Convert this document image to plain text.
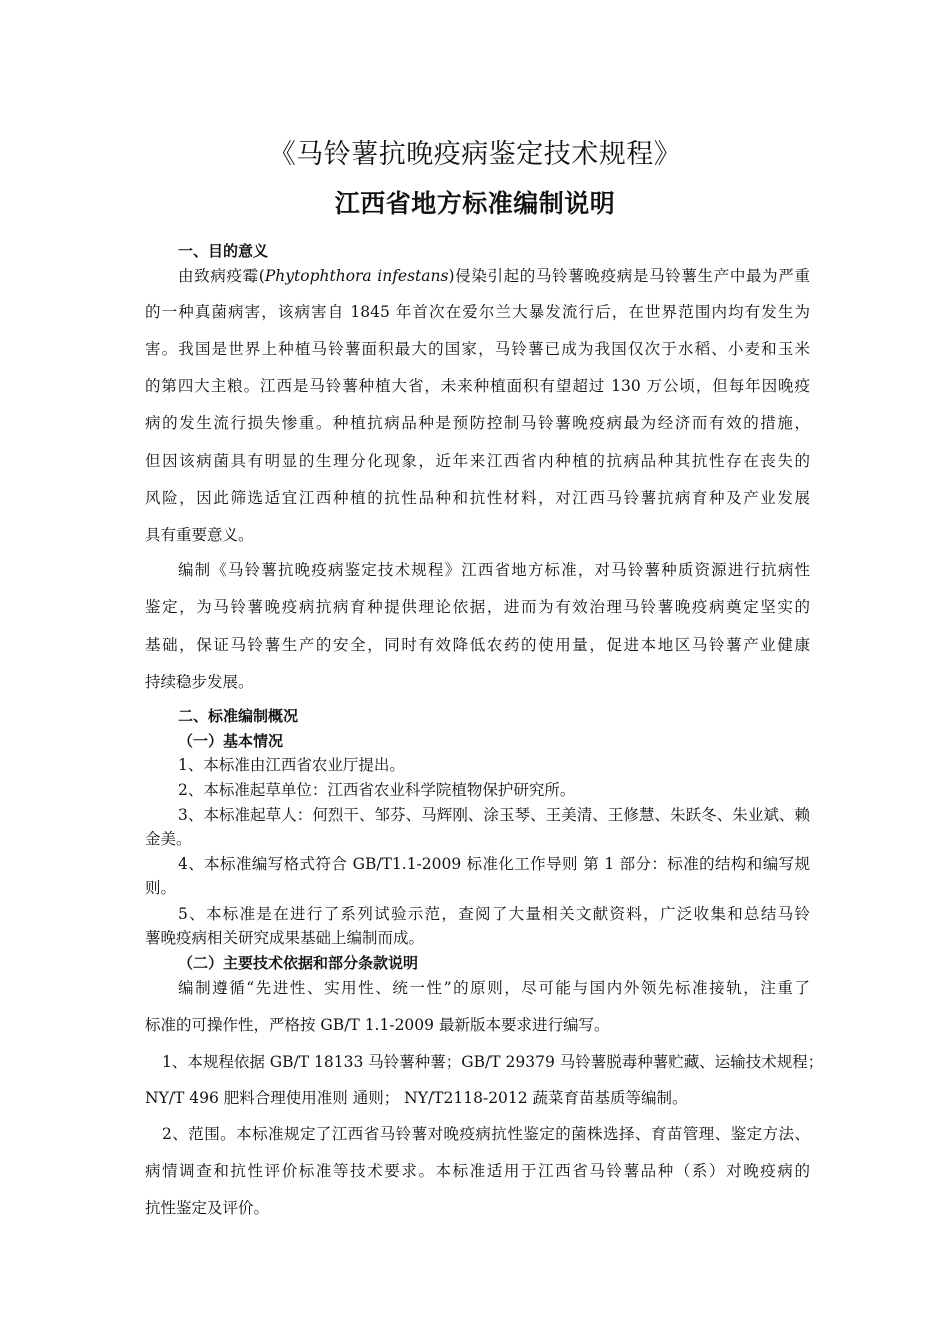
《马铃薯抗晚疫病鉴定技术规程》
江西省地方标准编制说明
一、目的意义
由致病疫霉(Phytophthora infestans)侵染引起的马铃薯晚疫病是马铃薯生产中最为严重
的一种真菌病害，该病害自 1845 年首次在爱尔兰大暴发流行后，在世界范围内均有发生为
害。我国是世界上种植马铃薯面积最大的国家，马铃薯已成为我国仅次于水稻、小麦和玉米
的第四大主粮。江西是马铃薯种植大省，未来种植面积有望超过 130 万公顷，但每年因晚疫
病的发生流行损失惨重。种植抗病品种是预防控制马铃薯晚疫病最为经济而有效的措施，
但因该病菌具有明显的生理分化现象，近年来江西省内种植的抗病品种其抗性存在丧失的
风险，因此筛选适宜江西种植的抗性品种和抗性材料，对江西马铃薯抗病育种及产业发展
具有重要意义。
编制《马铃薯抗晚疫病鉴定技术规程》江西省地方标准，对马铃薯种质资源进行抗病性
鉴定，为马铃薯晚疫病抗病育种提供理论依据，进而为有效治理马铃薯晚疫病奠定坚实的
基础，保证马铃薯生产的安全，同时有效降低农药的使用量，促进本地区马铃薯产业健康
持续稳步发展。
二、标准编制概况
（一）基本情况
1、本标准由江西省农业厅提出。
2、本标准起草单位：江西省农业科学院植物保护研究所。
3、本标准起草人：何烈干、邹芬、马辉刚、涂玉琴、王美清、王修慧、朱跃冬、朱业斌、赖
金美。
4、本标准编写格式符合 GB/T1.1-2009 标准化工作导则 第 1 部分：标准的结构和编写规
则。
5、本标准是在进行了系列试验示范，查阅了大量相关文献资料，广泛收集和总结马铃
薯晚疫病相关研究成果基础上编制而成。
（二）主要技术依据和部分条款说明
编制遵循“先进性、实用性、统一性”的原则，尽可能与国内外领先标准接轨，注重了
标准的可操作性，严格按 GB/T 1.1-2009 最新版本要求进行编写。
1、本规程依据 GB/T 18133 马铃薯种薯；GB/T 29379 马铃薯脱毒种薯贮藏、运输技术规程；
NY/T 496 肥料合理使用准则 通则； NY/T2118-2012 蔬菜育苗基质等编制。
2、范围。本标准规定了江西省马铃薯对晚疫病抗性鉴定的菌株选择、育苗管理、鉴定方法、
病情调查和抗性评价标准等技术要求。本标准适用于江西省马铃薯品种（系）对晚疫病的
抗性鉴定及评价。
